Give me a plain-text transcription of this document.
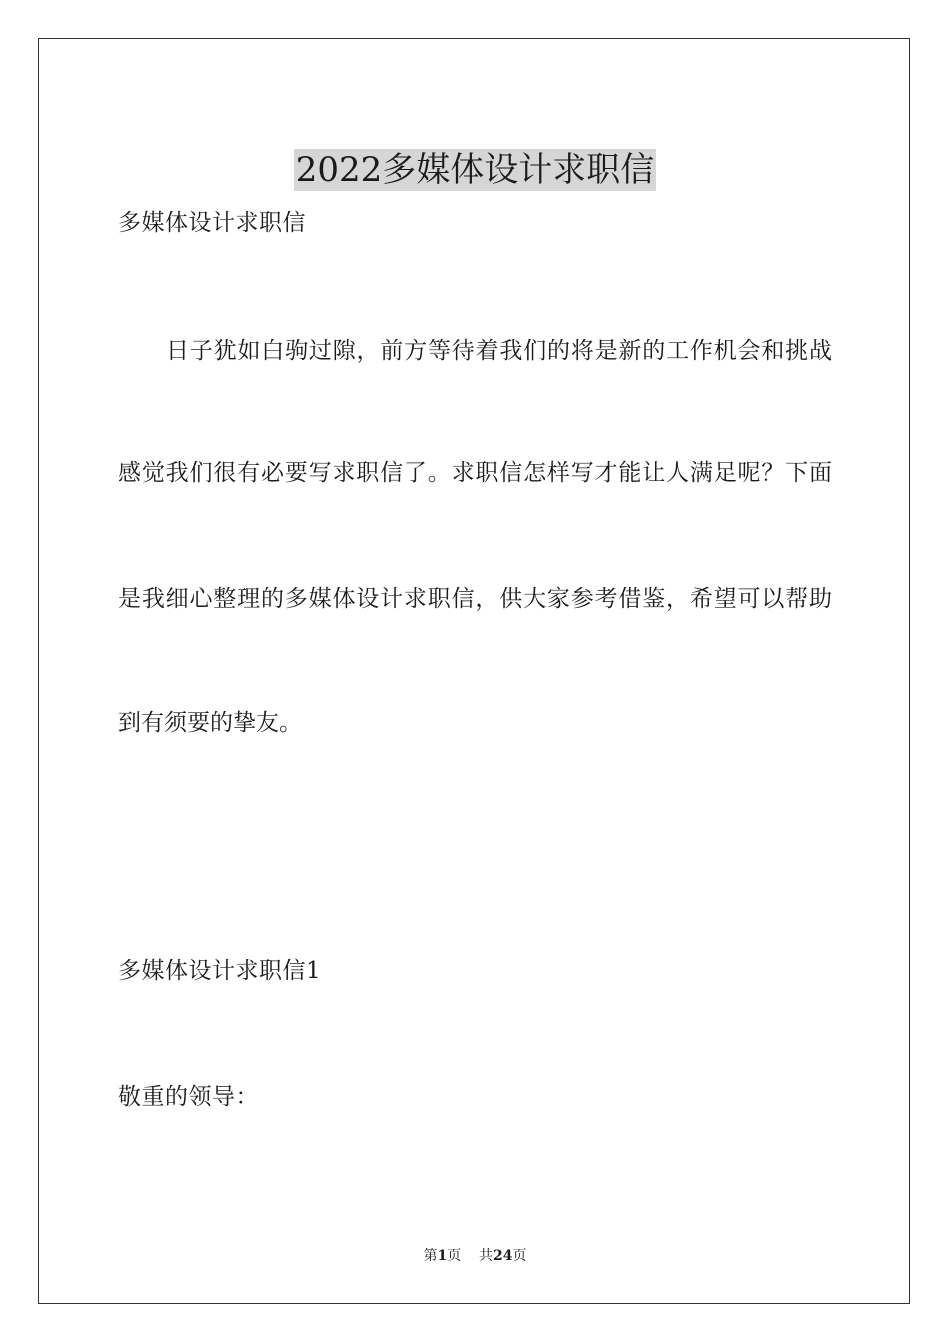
2022多媒体设计求职信
多媒体设计求职信
日子犹如白驹过隙，前方等待着我们的将是新的工作机会和挑战
感觉我们很有必要写求职信了。求职信怎样写才能让人满足呢？下面
是我细心整理的多媒体设计求职信，供大家参考借鉴，希望可以帮助
到有须要的挚友。
多媒体设计求职信1
敬重的领导：
第1页 共24页
